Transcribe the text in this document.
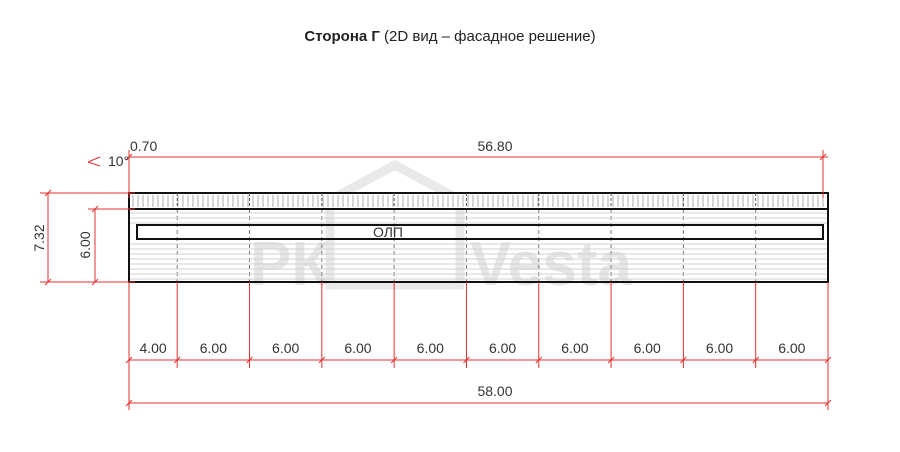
Сторона Г (2D вид – фасадное решение)
РК Vesta
ОЛП
0.70	56.80
10°
7.32 6.00
58.00
4.00 6.00	6.00	6.00	6.00	6.00	6.00	6.00	6.00	6.00
